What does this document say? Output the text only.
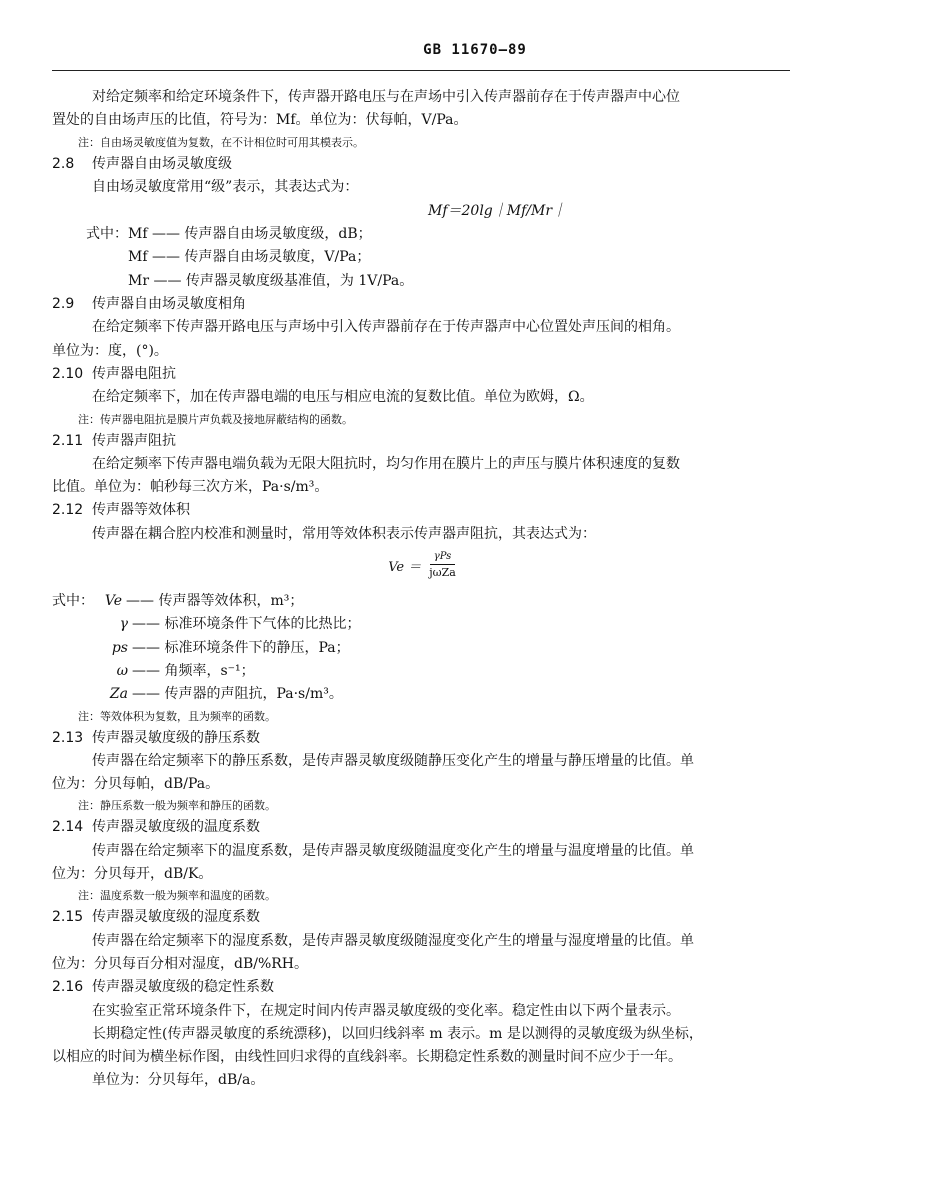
GB 11670—89
对给定频率和给定环境条件下，传声器开路电压与在声场中引入传声器前存在于传声器声中心位
置处的自由场声压的比值，符号为：Mf。单位为：伏每帕，V/Pa。
注：自由场灵敏度值为复数，在不计相位时可用其模表示。
2.8 传声器自由场灵敏度级
自由场灵敏度常用“级”表示，其表达式为：
Mf＝20lg｜Mf/Mr｜
式中：Mf —— 传声器自由场灵敏度级，dB；
Mf —— 传声器自由场灵敏度，V/Pa；
Mr —— 传声器灵敏度级基准值，为 1V/Pa。
2.9 传声器自由场灵敏度相角
在给定频率下传声器开路电压与声场中引入传声器前存在于传声器声中心位置处声压间的相角。
单位为：度，(°)。
2.10 传声器电阻抗
在给定频率下，加在传声器电端的电压与相应电流的复数比值。单位为欧姆，Ω。
注：传声器电阻抗是膜片声负载及接地屏蔽结构的函数。
2.11 传声器声阻抗
在给定频率下传声器电端负载为无限大阻抗时，均匀作用在膜片上的声压与膜片体积速度的复数
比值。单位为：帕秒每三次方米，Pa·s/m³。
2.12 传声器等效体积
传声器在耦合腔内校准和测量时，常用等效体积表示传声器声阻抗，其表达式为：
Ve ＝
γPs
jωZa
式中： Ve —— 传声器等效体积，m³；
γ —— 标准环境条件下气体的比热比；
ps —— 标准环境条件下的静压，Pa；
ω —— 角频率，s⁻¹；
Za —— 传声器的声阻抗，Pa·s/m³。
注：等效体积为复数，且为频率的函数。
2.13 传声器灵敏度级的静压系数
传声器在给定频率下的静压系数，是传声器灵敏度级随静压变化产生的增量与静压增量的比值。单
位为：分贝每帕，dB/Pa。
注：静压系数一般为频率和静压的函数。
2.14 传声器灵敏度级的温度系数
传声器在给定频率下的温度系数，是传声器灵敏度级随温度变化产生的增量与温度增量的比值。单
位为：分贝每开，dB/K。
注：温度系数一般为频率和温度的函数。
2.15 传声器灵敏度级的湿度系数
传声器在给定频率下的湿度系数，是传声器灵敏度级随湿度变化产生的增量与湿度增量的比值。单
位为：分贝每百分相对湿度，dB/%RH。
2.16 传声器灵敏度级的稳定性系数
在实验室正常环境条件下，在规定时间内传声器灵敏度级的变化率。稳定性由以下两个量表示。
长期稳定性(传声器灵敏度的系统漂移)，以回归线斜率 m 表示。m 是以测得的灵敏度级为纵坐标，
以相应的时间为横坐标作图，由线性回归求得的直线斜率。长期稳定性系数的测量时间不应少于一年。
单位为：分贝每年，dB/a。
